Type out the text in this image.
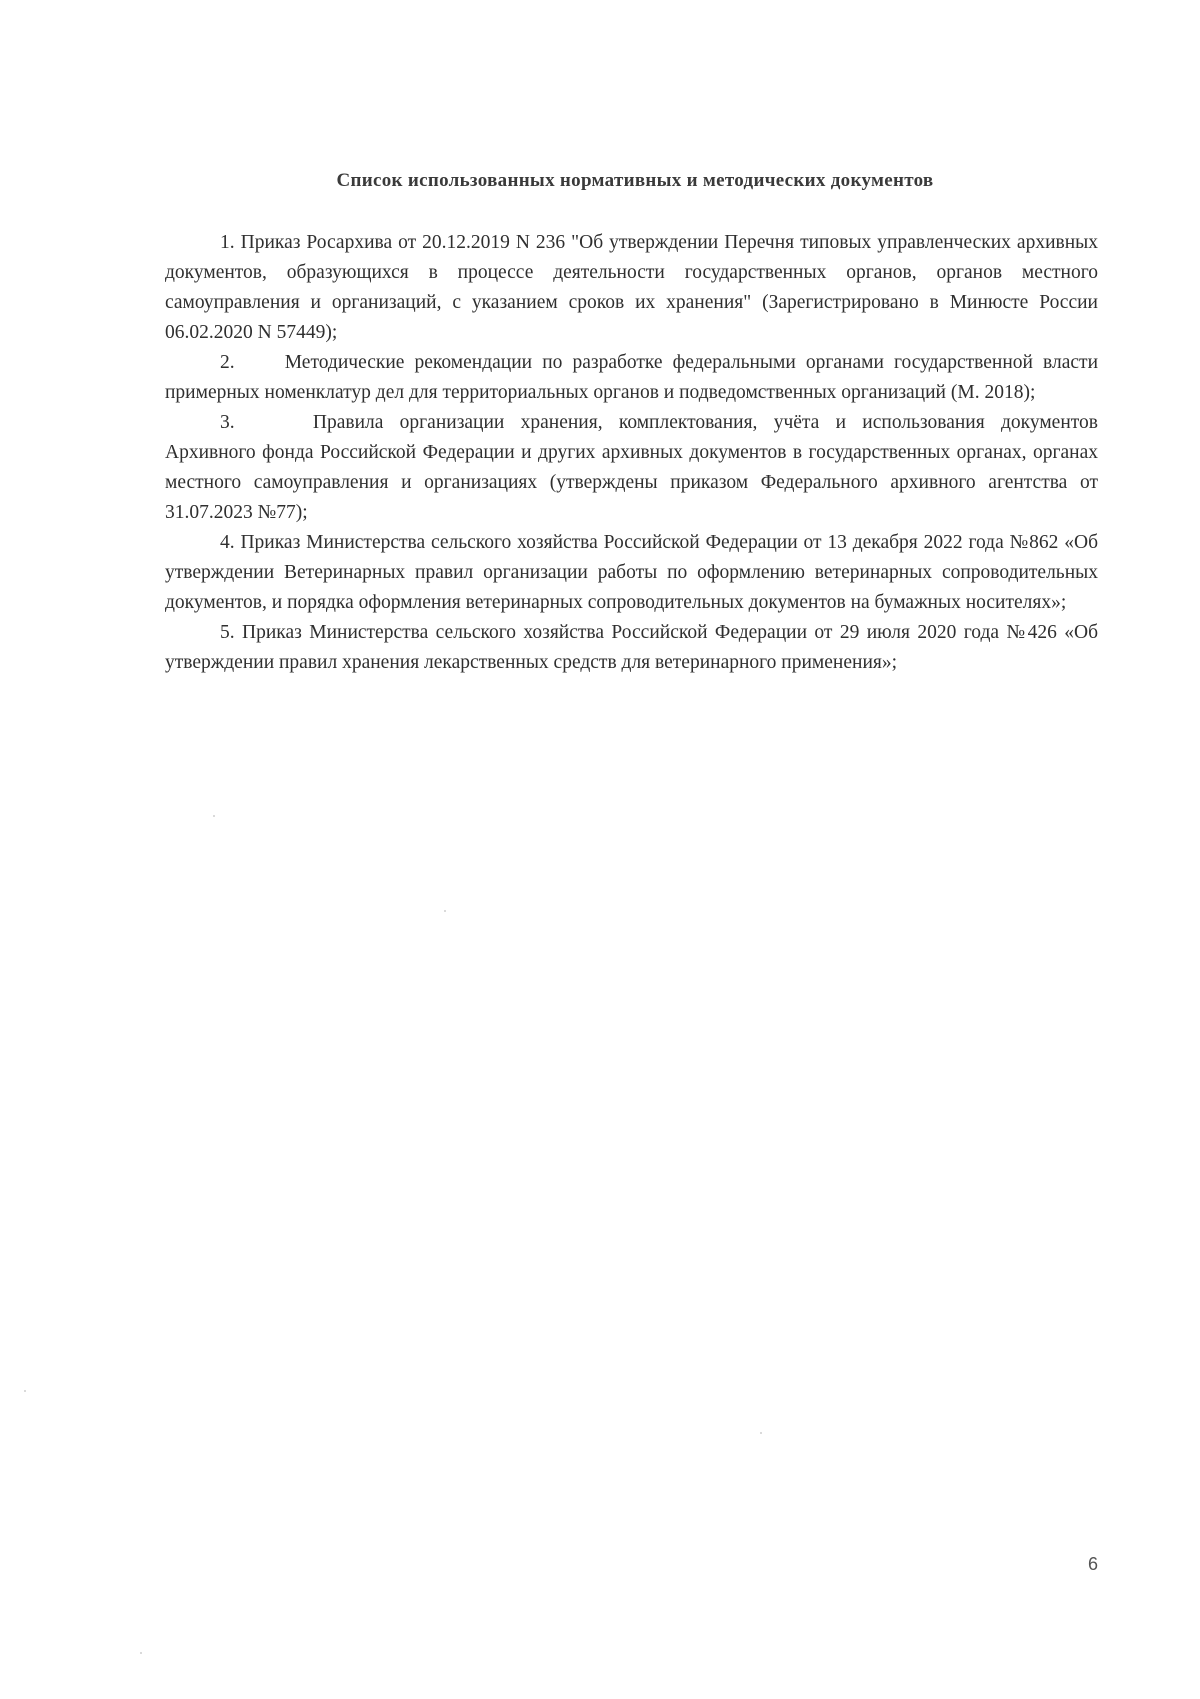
Список использованных нормативных и методических документов

1. Приказ Росархива от 20.12.2019 N 236 "Об утверждении Перечня типовых управленческих архивных документов, образующихся в процессе деятельности государственных органов, органов местного самоуправления и организаций, с указанием сроков их хранения" (Зарегистрировано в Минюсте России 06.02.2020 N 57449);

2.	Методические рекомендации по разработке федеральными органами государственной власти примерных номенклатур дел для территориальных органов и подведомственных организаций (М. 2018);

3.	Правила организации хранения, комплектования, учёта и использования документов Архивного фонда Российской Федерации и других архивных документов в государственных органах, органах местного самоуправления и организациях (утверждены приказом Федерального архивного агентства от 31.07.2023 №77);

4. Приказ Министерства сельского хозяйства Российской Федерации от 13 декабря 2022 года №862 «Об утверждении Ветеринарных правил организации работы по оформлению ветеринарных сопроводительных документов, и порядка оформления ветеринарных сопроводительных документов на бумажных носителях»;

5. Приказ Министерства сельского хозяйства Российской Федерации от 29 июля 2020 года №426 «Об утверждении правил хранения лекарственных средств для ветеринарного применения»;

6
